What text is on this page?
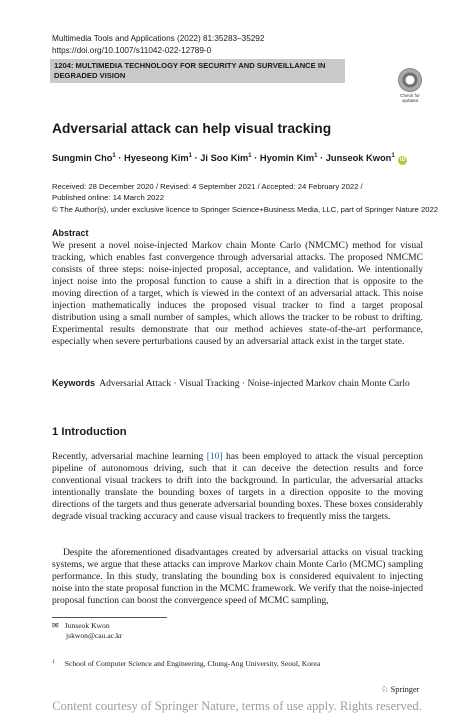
Multimedia Tools and Applications (2022) 81:35283–35292
https://doi.org/10.1007/s11042-022-12789-0
1204: MULTIMEDIA TECHNOLOGY FOR SECURITY AND SURVEILLANCE IN DEGRADED VISION
Check for updates
Adversarial attack can help visual tracking
Sungmin Cho$^1$ · Hyeseong Kim$^1$ · Ji Soo Kim$^1$ · Hyomin Kim$^1$ · Junseok Kwon$^1$ iD
Received: 28 December 2020 / Revised: 4 September 2021 / Accepted: 24 February 2022 /
Published online: 14 March 2022
© The Author(s), under exclusive licence to Springer Science+Business Media, LLC, part of Springer Nature 2022
Abstract
We present a novel noise-injected Markov chain Monte Carlo (NMCMC) method for visual tracking, which enables fast convergence through adversarial attacks. The proposed NMCMC consists of three steps: noise-injected proposal, acceptance, and validation. We intentionally inject noise into the proposal function to cause a shift in a direction that is opposite to the moving direction of a target, which is viewed in the context of an adversarial attack. This noise injection mathematically induces the proposed visual tracker to find a target proposal distribution using a small number of samples, which allows the tracker to be robust to drifting. Experimental results demonstrate that our method achieves state-of-the-art performance, especially when severe perturbations caused by an adversarial attack exist in the target state.
Keywords Adversarial Attack · Visual Tracking · Noise-injected Markov chain Monte Carlo
1 Introduction
Recently, adversarial machine learning [10] has been employed to attack the visual perception pipeline of autonomous driving, such that it can deceive the detection results and force conventional visual trackers to drift into the background. In particular, the adversarial attacks intentionally translate the bounding boxes of targets in a direction opposite to the moving directions of the targets and thus generate adversarial bounding boxes. These boxes considerably degrade visual tracking accuracy and cause visual trackers to frequently miss the targets.
Despite the aforementioned disadvantages created by adversarial attacks on visual tracking systems, we argue that these attacks can improve Markov chain Monte Carlo (MCMC) sampling performance. In this study, translating the bounding box is considered equivalent to injecting noise into the state proposal function in the MCMC framework. We verify that the noise-injected proposal function can boost the convergence speed of MCMC sampling,
✉ Junseok Kwon
jskwon@cau.ac.kr
$^1$ School of Computer Science and Engineering, Chung-Ang University, Seoul, Korea
♘ Springer
Content courtesy of Springer Nature, terms of use apply. Rights reserved.
